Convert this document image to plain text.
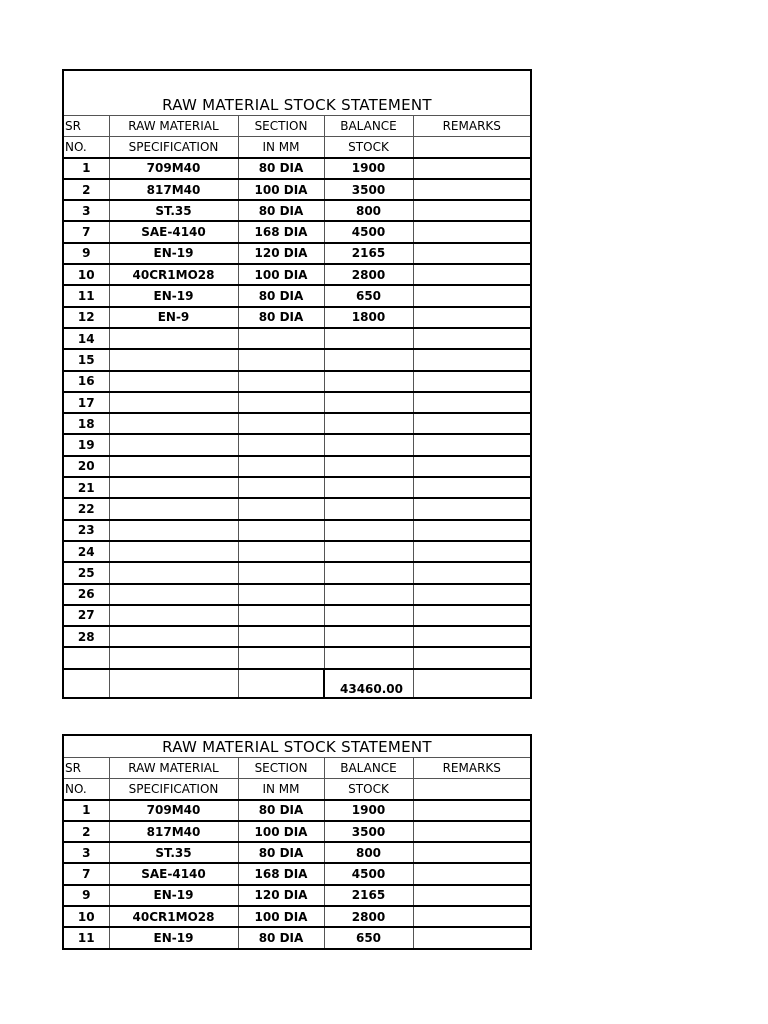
RAW MATERIAL STOCK STATEMENT				
SR	RAW MATERIAL	SECTION	BALANCE	REMARKS
NO.	SPECIFICATION	IN MM	STOCK	
1	709M40	80 DIA	1900	
2	817M40	100 DIA	3500	
3	ST.35	80 DIA	800	
7	SAE-4140	168 DIA	4500	
9	EN-19	120 DIA	2165	
10	40CR1MO28	100 DIA	2800	
11	EN-19	80 DIA	650	
12	EN-9	80 DIA	1800	
14				
15				
16				
17				
18				
19				
20				
21				
22				
23				
24				
25				
26				
27				
28				

			43460.00	
RAW MATERIAL STOCK STATEMENT				
SR	RAW MATERIAL	SECTION	BALANCE	REMARKS
NO.	SPECIFICATION	IN MM	STOCK	
1	709M40	80 DIA	1900	
2	817M40	100 DIA	3500	
3	ST.35	80 DIA	800	
7	SAE-4140	168 DIA	4500	
9	EN-19	120 DIA	2165	
10	40CR1MO28	100 DIA	2800	
11	EN-19	80 DIA	650	
